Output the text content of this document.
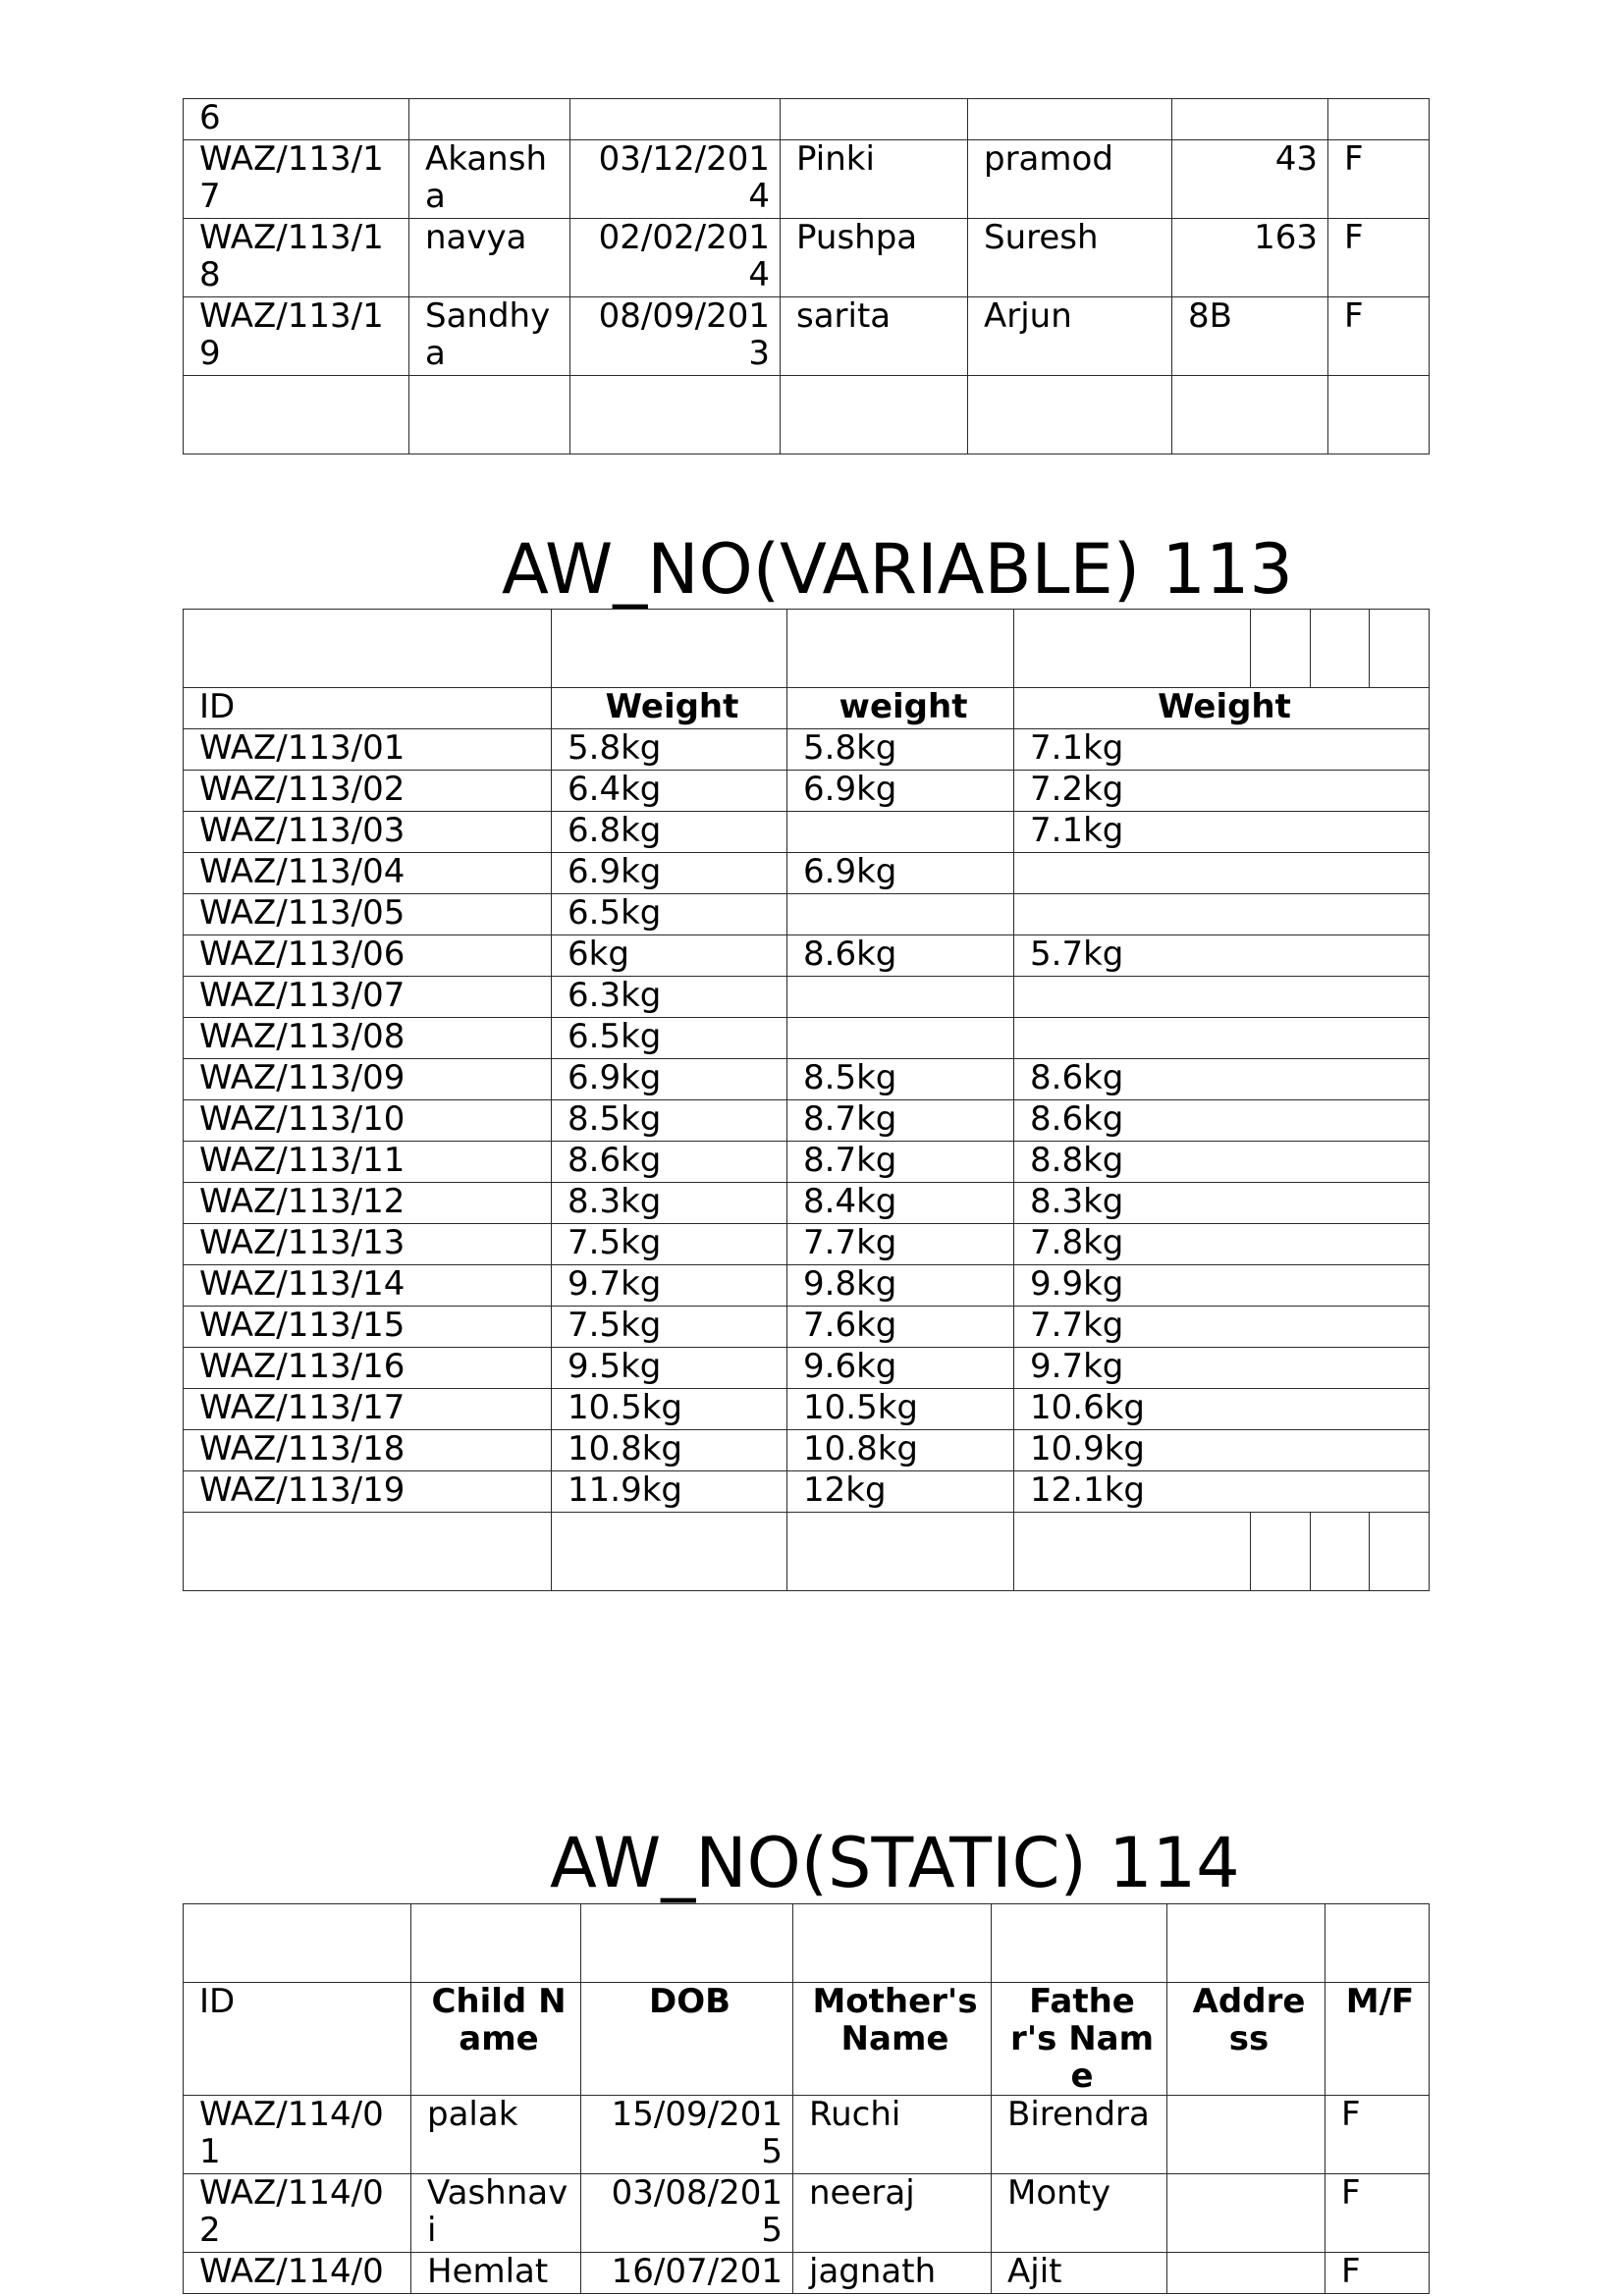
6						
WAZ/113/17	Akansha	03/12/2014	Pinki	pramod	43	F
WAZ/113/18	navya	02/02/2014	Pushpa	Suresh	163	F
WAZ/113/19	Sandhya	08/09/2013	sarita	Arjun	8B	F

AW_NO(VARIABLE) 113

ID	Weight	weight	Weight			
WAZ/113/01	5.8kg	5.8kg	7.1kg			
WAZ/113/02	6.4kg	6.9kg	7.2kg			
WAZ/113/03	6.8kg		7.1kg			
WAZ/113/04	6.9kg	6.9kg				
WAZ/113/05	6.5kg					
WAZ/113/06	6kg	8.6kg	5.7kg			
WAZ/113/07	6.3kg					
WAZ/113/08	6.5kg					
WAZ/113/09	6.9kg	8.5kg	8.6kg			
WAZ/113/10	8.5kg	8.7kg	8.6kg			
WAZ/113/11	8.6kg	8.7kg	8.8kg			
WAZ/113/12	8.3kg	8.4kg	8.3kg			
WAZ/113/13	7.5kg	7.7kg	7.8kg			
WAZ/113/14	9.7kg	9.8kg	9.9kg			
WAZ/113/15	7.5kg	7.6kg	7.7kg			
WAZ/113/16	9.5kg	9.6kg	9.7kg			
WAZ/113/17	10.5kg	10.5kg	10.6kg			
WAZ/113/18	10.8kg	10.8kg	10.9kg			
WAZ/113/19	11.9kg	12kg	12.1kg			

AW_NO(STATIC) 114

ID	Child Name	DOB	Mother's Name	Father's Name	Address	M/F
WAZ/114/01	palak	15/09/2015	Ruchi	Birendra		F
WAZ/114/02	Vashnavi	03/08/2015	neeraj	Monty		F
WAZ/114/0	Hemlat	16/07/201	jagnath	Ajit		F
